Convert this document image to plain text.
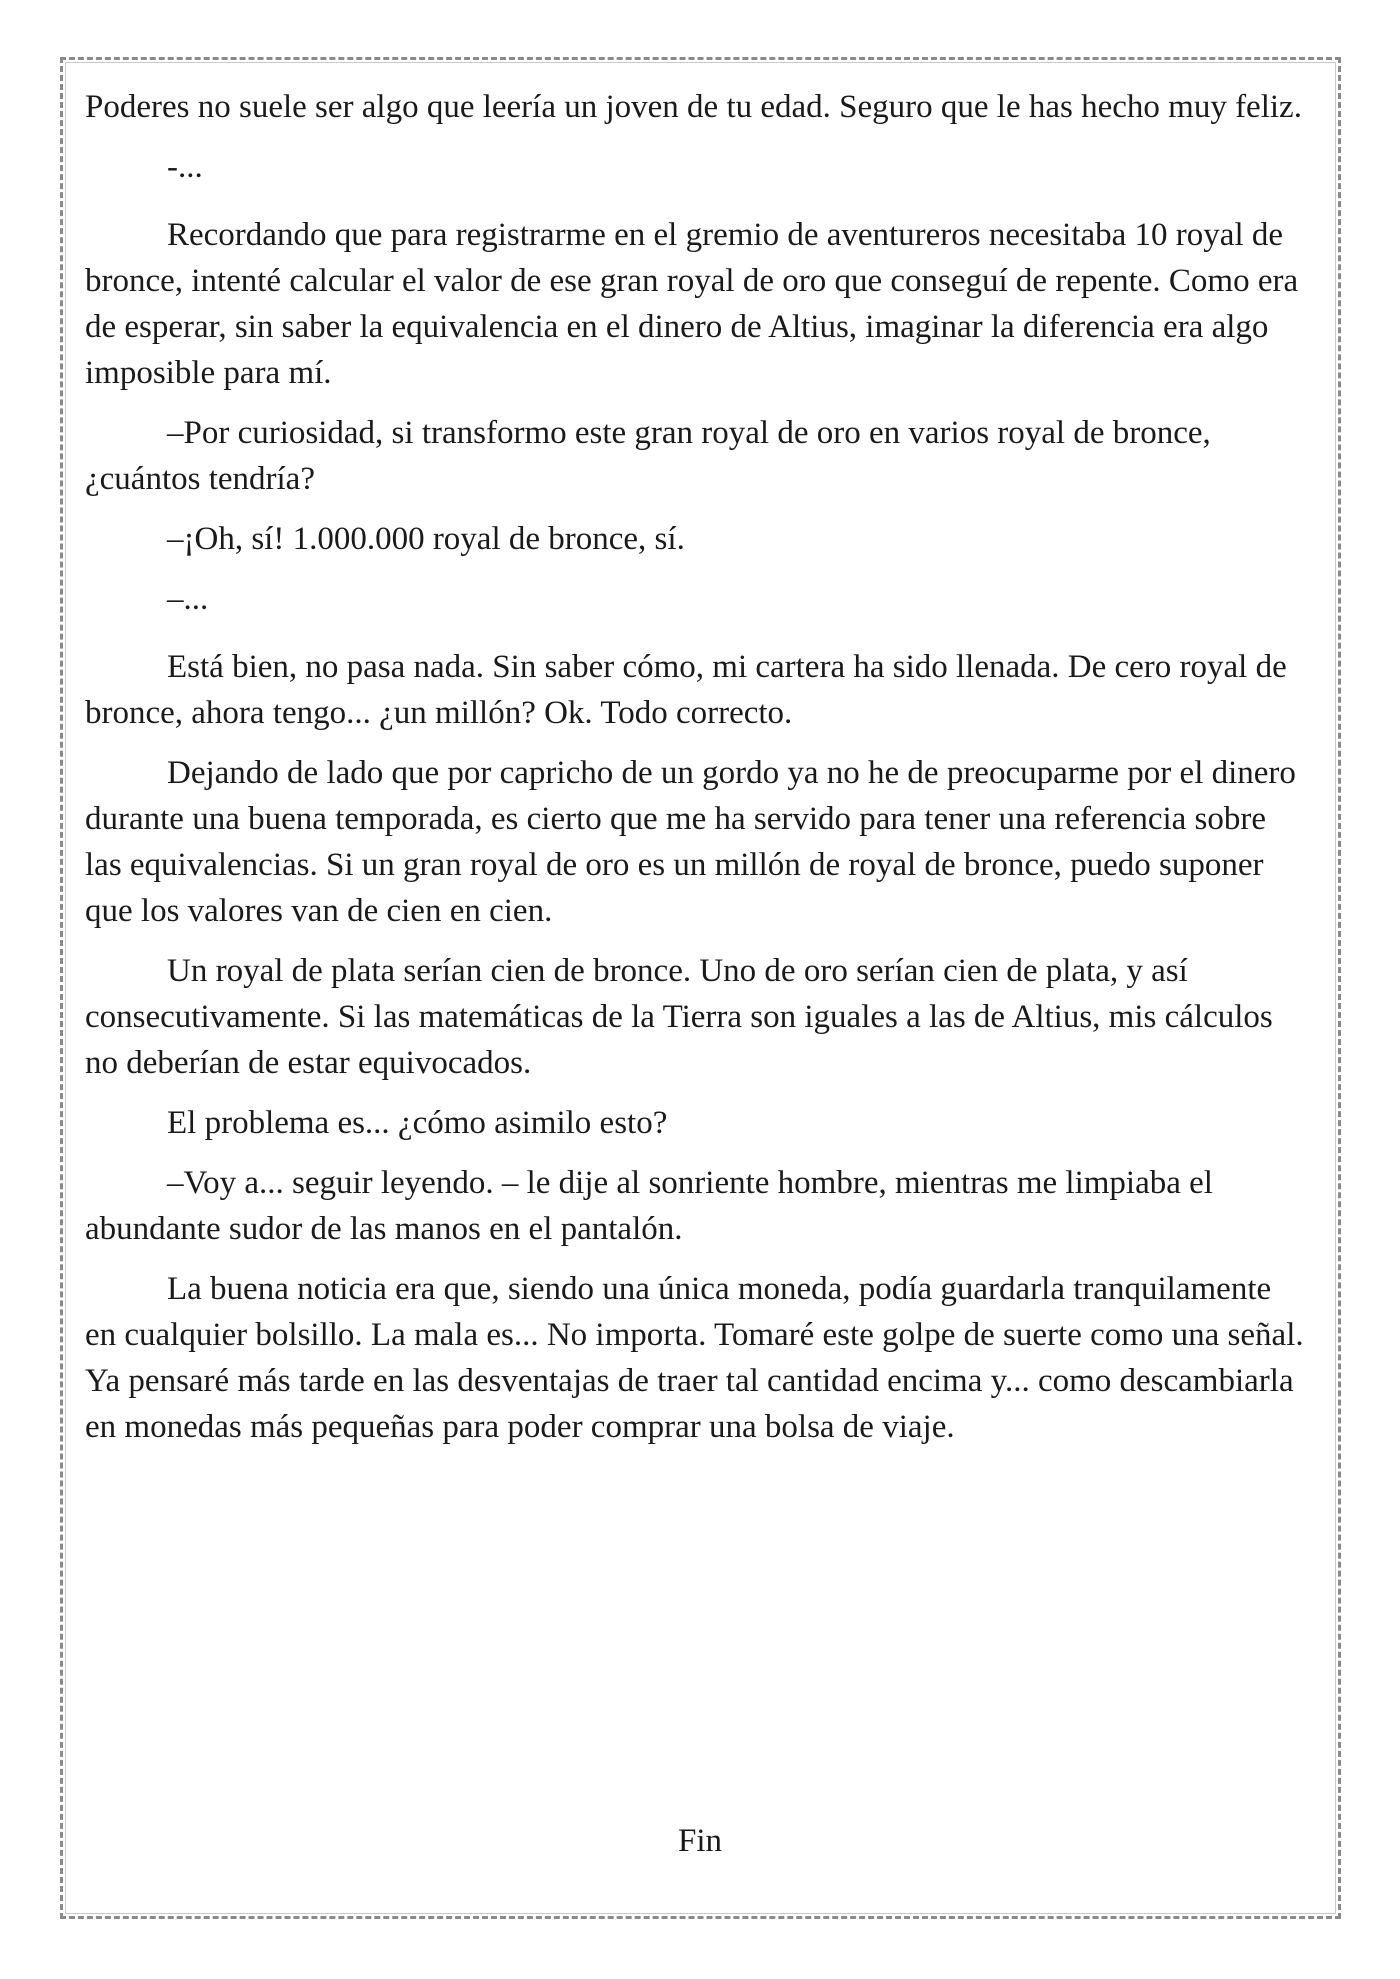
Poderes no suele ser algo que leería un joven de tu edad. Seguro que le has hecho muy feliz.

-...

Recordando que para registrarme en el gremio de aventureros necesitaba 10 royal de bronce, intenté calcular el valor de ese gran royal de oro que conseguí de repente. Como era de esperar, sin saber la equivalencia en el dinero de Altius, imaginar la diferencia era algo imposible para mí.

–Por curiosidad, si transformo este gran royal de oro en varios royal de bronce, ¿cuántos tendría?

–¡Oh, sí! 1.000.000 royal de bronce, sí.

–...

Está bien, no pasa nada. Sin saber cómo, mi cartera ha sido llenada. De cero royal de bronce, ahora tengo... ¿un millón? Ok. Todo correcto.

Dejando de lado que por capricho de un gordo ya no he de preocuparme por el dinero durante una buena temporada, es cierto que me ha servido para tener una referencia sobre las equivalencias. Si un gran royal de oro es un millón de royal de bronce, puedo suponer que los valores van de cien en cien.

Un royal de plata serían cien de bronce. Uno de oro serían cien de plata, y así consecutivamente. Si las matemáticas de la Tierra son iguales a las de Altius, mis cálculos no deberían de estar equivocados.

El problema es... ¿cómo asimilo esto?

–Voy a... seguir leyendo. – le dije al sonriente hombre, mientras me limpiaba el abundante sudor de las manos en el pantalón.

La buena noticia era que, siendo una única moneda, podía guardarla tranquilamente en cualquier bolsillo. La mala es... No importa. Tomaré este golpe de suerte como una señal. Ya pensaré más tarde en las desventajas de traer tal cantidad encima y... como descambiarla en monedas más pequeñas para poder comprar una bolsa de viaje.

Fin
